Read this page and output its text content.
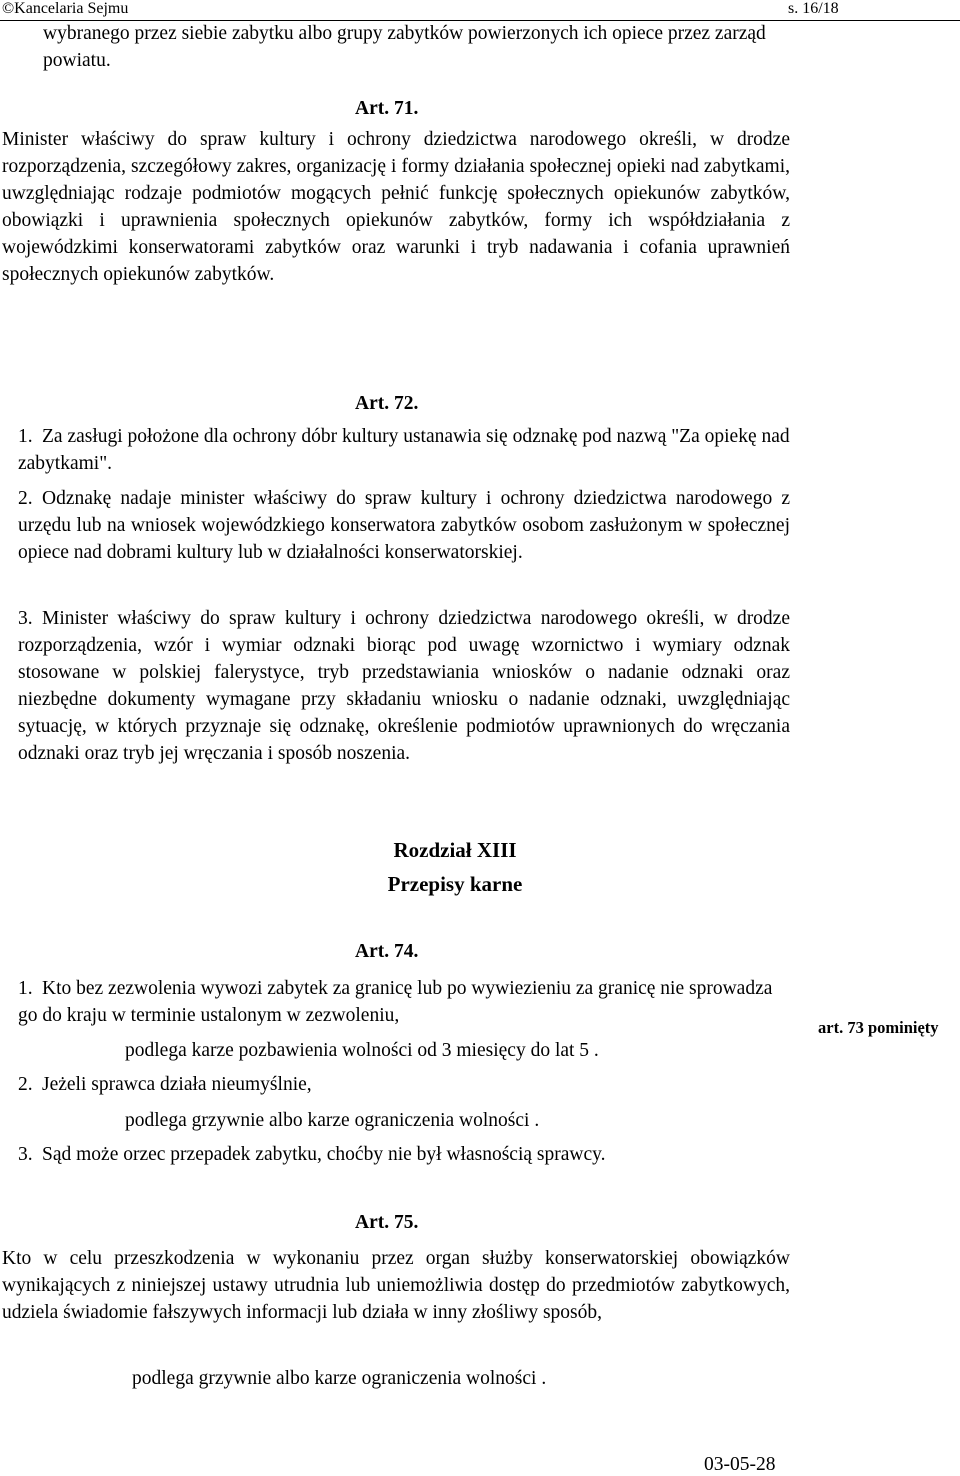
©Kancelaria Sejmu	s. 16/18
wybranego przez siebie zabytku albo grupy zabytków powierzonych ich opiece przez zarząd powiatu.
Art. 71.
Minister właściwy do spraw kultury i ochrony dziedzictwa narodowego określi, w drodze rozporządzenia, szczegółowy zakres, organizację i formy działania społecznej opieki nad zabytkami, uwzględniając rodzaje podmiotów mogących pełnić funkcję społecznych opiekunów zabytków, obowiązki i uprawnienia społecznych opiekunów zabytków, formy ich współdziałania z wojewódzkimi konserwatorami zabytków oraz warunki i tryb nadawania i cofania uprawnień społecznych opiekunów zabytków.
Art. 72.
1. Za zasługi położone dla ochrony dóbr kultury ustanawia się odznakę pod nazwą "Za opiekę nad zabytkami".
2. Odznakę nadaje minister właściwy do spraw kultury i ochrony dziedzictwa narodowego z urzędu lub na wniosek wojewódzkiego konserwatora zabytków osobom zasłużonym w społecznej opiece nad dobrami kultury lub w działalności konserwatorskiej.
3. Minister właściwy do spraw kultury i ochrony dziedzictwa narodowego określi, w drodze rozporządzenia, wzór i wymiar odznaki biorąc pod uwagę wzornictwo i wymiary odznak stosowane w polskiej falerystyce, tryb przedstawiania wniosków o nadanie odznaki oraz niezbędne dokumenty wymagane przy składaniu wniosku o nadanie odznaki, uwzględniając sytuację, w których przyznaje się odznakę, określenie podmiotów uprawnionych do wręczania odznaki oraz tryb jej wręczania i sposób noszenia.
Rozdział XIII
Przepisy karne
Art. 74.
1. Kto bez zezwolenia wywozi zabytek za granicę lub po wywiezieniu za granicę nie sprowadza go do kraju w terminie ustalonym w zezwoleniu,
podlega karze pozbawienia wolności od 3 miesięcy do lat 5 .
2. Jeżeli sprawca działa nieumyślnie,
podlega grzywnie albo karze ograniczenia wolności .
3. Sąd może orzec przepadek zabytku, choćby nie był własnością sprawcy.
art. 73 pominięty
Art. 75.
Kto w celu przeszkodzenia w wykonaniu przez organ służby konserwatorskiej obowiązków wynikających z niniejszej ustawy utrudnia lub uniemożliwia dostęp do przedmiotów zabytkowych, udziela świadomie fałszywych informacji lub działa w inny złośliwy sposób,
podlega grzywnie albo karze ograniczenia wolności .
03-05-28
